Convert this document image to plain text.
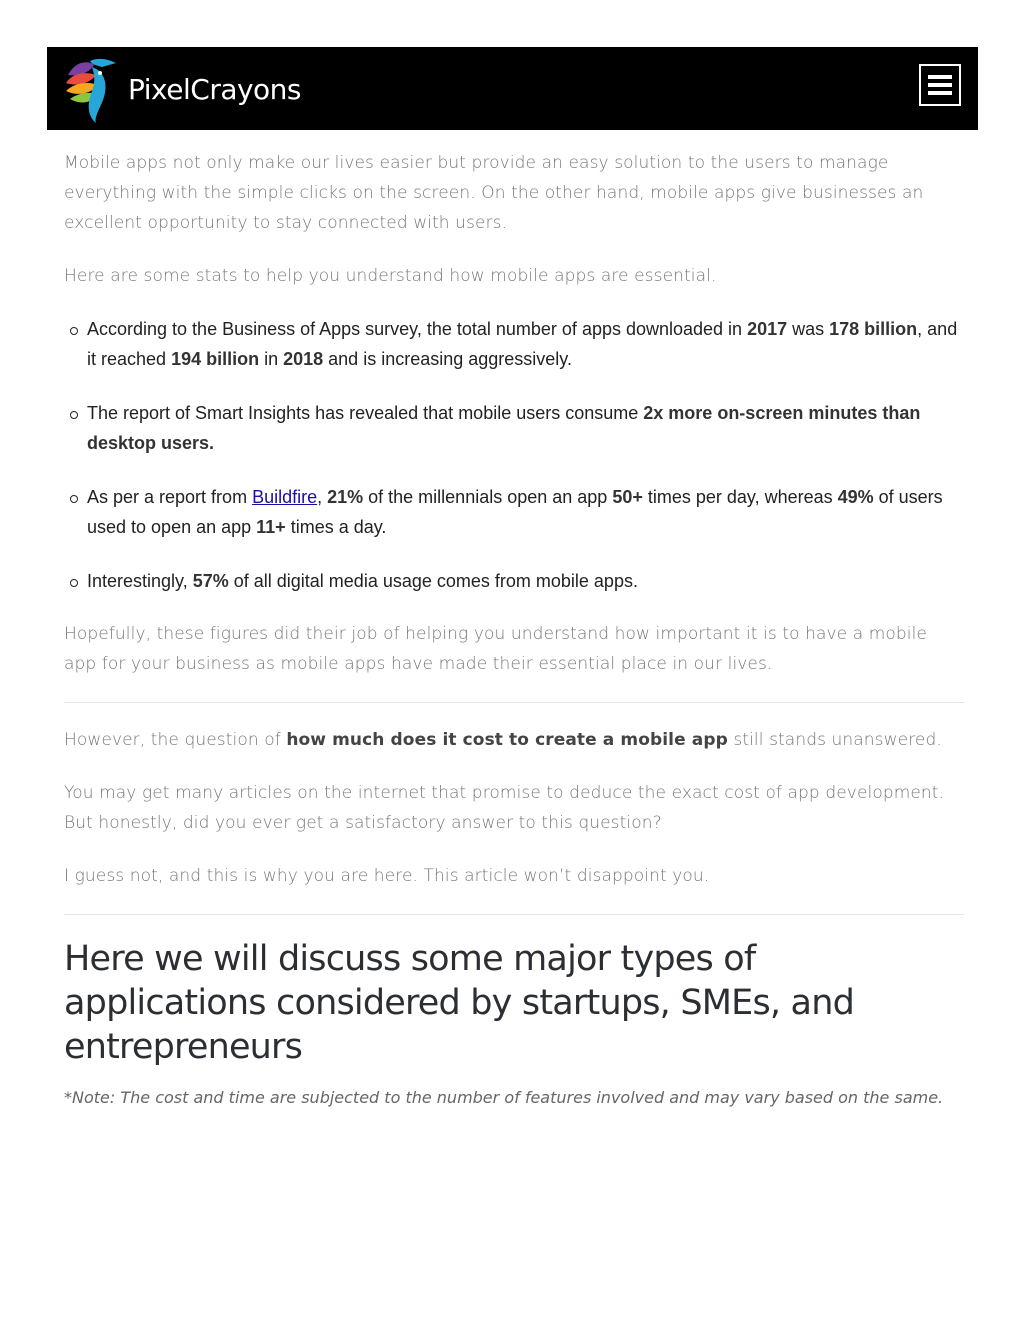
PixelCrayons

Mobile apps not only make our lives easier but provide an easy solution to the users to manage everything with the simple clicks on the screen. On the other hand, mobile apps give businesses an excellent opportunity to stay connected with users.

Here are some stats to help you understand how mobile apps are essential.

According to the Business of Apps survey, the total number of apps downloaded in 2017 was 178 billion, and it reached 194 billion in 2018 and is increasing aggressively.
The report of Smart Insights has revealed that mobile users consume 2x more on-screen minutes than desktop users.
As per a report from Buildfire, 21% of the millennials open an app 50+ times per day, whereas 49% of users used to open an app 11+ times a day.
Interestingly, 57% of all digital media usage comes from mobile apps.

Hopefully, these figures did their job of helping you understand how important it is to have a mobile app for your business as mobile apps have made their essential place in our lives.

However, the question of how much does it cost to create a mobile app still stands unanswered.

You may get many articles on the internet that promise to deduce the exact cost of app development. But honestly, did you ever get a satisfactory answer to this question?

I guess not, and this is why you are here. This article won’t disappoint you.

Here we will discuss some major types of applications considered by startups, SMEs, and entrepreneurs

*Note: The cost and time are subjected to the number of features involved and may vary based on the same.
